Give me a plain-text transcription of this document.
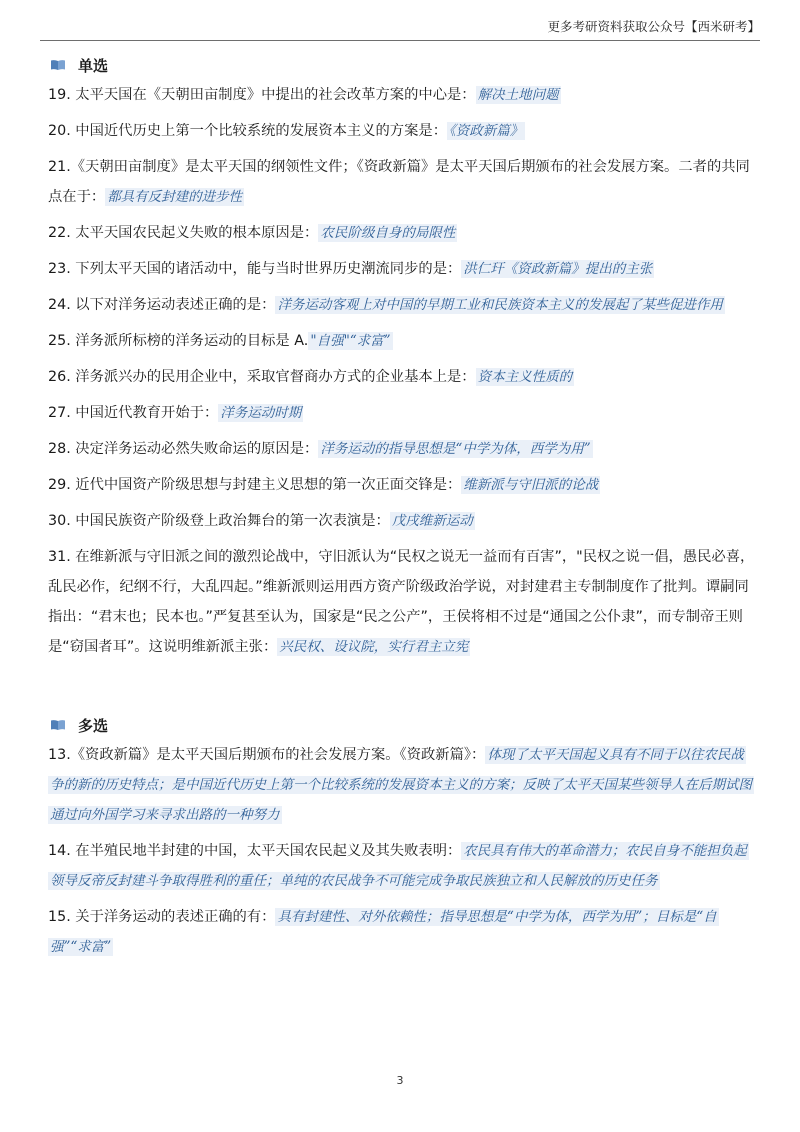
更多考研资料获取公众号【西米研考】
单选

19. 太平天国在《天朝田亩制度》中提出的社会改革方案的中心是： 解决土地问题

20. 中国近代历史上第一个比较系统的发展资本主义的方案是： 《资政新篇》

21.《天朝田亩制度》是太平天国的纲领性文件；《资政新篇》是太平天国后期颁布的社会发展方案。二者的共同点在于： 都具有反封建的进步性

22. 太平天国农民起义失败的根本原因是： 农民阶级自身的局限性

23. 下列太平天国的诸活动中，能与当时世界历史潮流同步的是： 洪仁玕《资政新篇》提出的主张

24. 以下对洋务运动表述正确的是： 洋务运动客观上对中国的早期工业和民族资本主义的发展起了某些促进作用

25. 洋务派所标榜的洋务运动的目标是 A. "自强"“求富”

26. 洋务派兴办的民用企业中，采取官督商办方式的企业基本上是： 资本主义性质的

27. 中国近代教育开始于： 洋务运动时期

28. 决定洋务运动必然失败命运的原因是： 洋务运动的指导思想是“中学为体，西学为用”

29. 近代中国资产阶级思想与封建主义思想的第一次正面交锋是： 维新派与守旧派的论战

30. 中国民族资产阶级登上政治舞台的第一次表演是： 戊戌维新运动

31. 在维新派与守旧派之间的激烈论战中，守旧派认为“民权之说无一益而有百害”，"民权之说一倡，愚民必喜，乱民必作，纪纲不行，大乱四起。”维新派则运用西方资产阶级政治学说，对封建君主专制制度作了批判。谭嗣同指出：“君末也；民本也。”严复甚至认为，国家是“民之公产”，王侯将相不过是“通国之公仆隶”，而专制帝王则是“窃国者耳”。这说明维新派主张： 兴民权、设议院，实行君主立宪

多选

13.《资政新篇》是太平天国后期颁布的社会发展方案。《资政新篇》： 体现了太平天国起义具有不同于以往农民战争的新的历史特点；是中国近代历史上第一个比较系统的发展资本主义的方案；反映了太平天国某些领导人在后期试图通过向外国学习来寻求出路的一种努力

14. 在半殖民地半封建的中国，太平天国农民起义及其失败表明： 农民具有伟大的革命潜力；农民自身不能担负起领导反帝反封建斗争取得胜利的重任；单纯的农民战争不可能完成争取民族独立和人民解放的历史任务

15. 关于洋务运动的表述正确的有： 具有封建性、对外依赖性；指导思想是“中学为体，西学为用”；目标是“自强”“求富”

3
